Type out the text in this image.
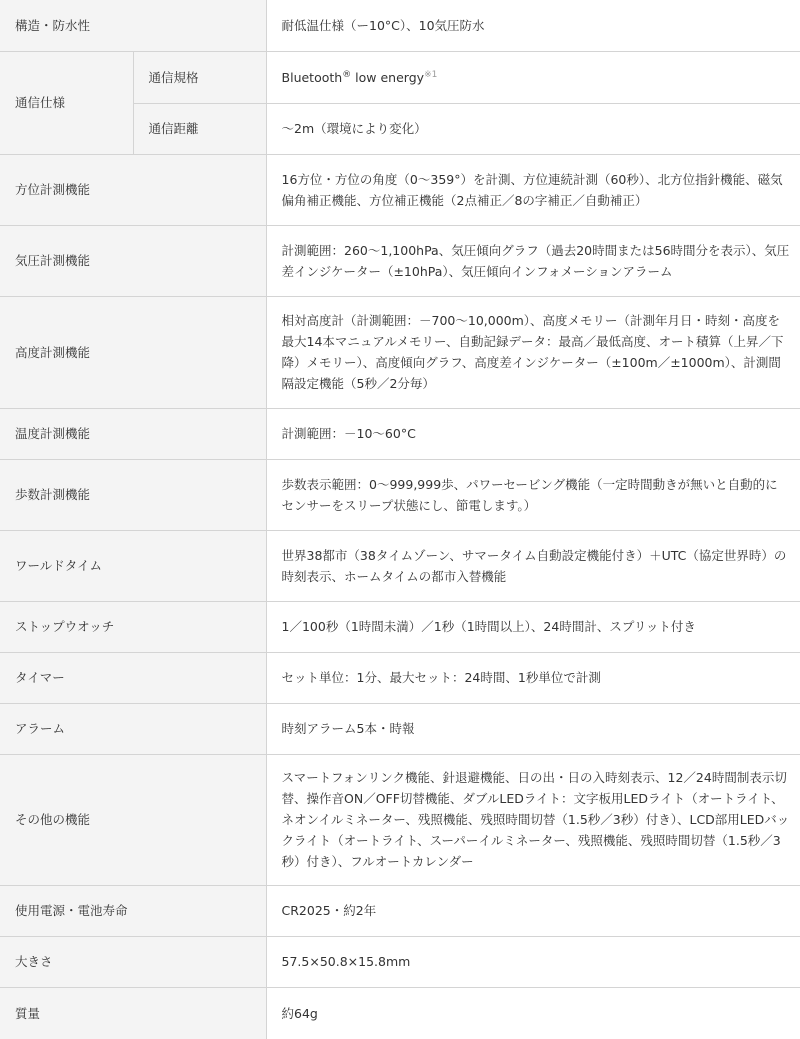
構造・防水性		耐低温仕様（ー10°C）、10気圧防水
通信仕様	通信規格	Bluetooth® low energy$^{※1}$
	通信距離	〜2m（環境により変化）
方位計測機能		16方位・方位の角度（0〜359°）を計測、方位連続計測（60秒）、北方位指針機能、磁気偏角補正機能、方位補正機能（2点補正／8の字補正／自動補正）
気圧計測機能		計測範囲：260〜1,100hPa、気圧傾向グラフ（過去20時間または56時間分を表示）、気圧差インジケーター（±10hPa）、気圧傾向インフォメーションアラーム
高度計測機能		相対高度計（計測範囲：－700〜10,000m）、高度メモリー（計測年月日・時刻・高度を最大14本マニュアルメモリー、自動記録データ：最高／最低高度、オート積算（上昇／下降）メモリー）、高度傾向グラフ、高度差インジケーター（±100m／±1000m）、計測間隔設定機能（5秒／2分毎）
温度計測機能		計測範囲：－10〜60°C
歩数計測機能		歩数表示範囲：0〜999,999歩、パワーセービング機能（一定時間動きが無いと自動的にセンサーをスリープ状態にし、節電します。）
ワールドタイム		世界38都市（38タイムゾーン、サマータイム自動設定機能付き）＋UTC（協定世界時）の時刻表示、ホームタイムの都市入替機能
ストップウオッチ		1／100秒（1時間未満）／1秒（1時間以上）、24時間計、スプリット付き
タイマー		セット単位：1分、最大セット：24時間、1秒単位で計測
アラーム		時刻アラーム5本・時報
その他の機能		スマートフォンリンク機能、針退避機能、日の出・日の入時刻表示、12／24時間制表示切替、操作音ON／OFF切替機能、ダブルLEDライト：文字板用LEDライト（オートライト、ネオンイルミネーター、残照機能、残照時間切替（1.5秒／3秒）付き）、LCD部用LEDバックライト（オートライト、スーパーイルミネーター、残照機能、残照時間切替（1.5秒／3秒）付き）、フルオートカレンダー
使用電源・電池寿命		CR2025・約2年
大きさ		57.5×50.8×15.8mm
質量		約64g
